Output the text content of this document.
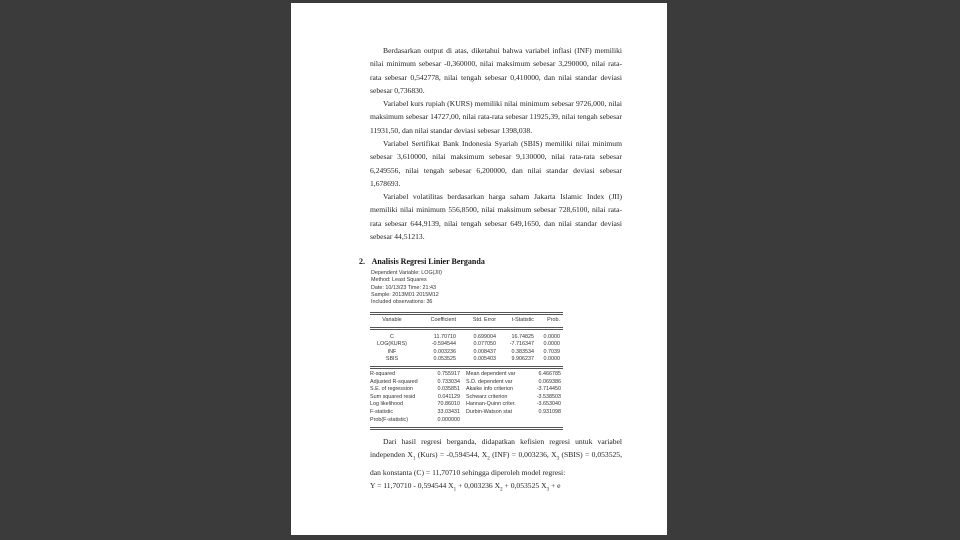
Berdasarkan output di atas, diketahui bahwa variabel inflasi (INF) memiliki nilai minimum sebesar -0,360000, nilai maksimum sebesar 3,290000, nilai rata-rata sebesar 0,542778, nilai tengah sebesar 0,410000, dan nilai standar deviasi sebesar 0,736830.

Variabel kurs rupiah (KURS) memiliki nilai minimum sebesar 9726,000, nilai maksimum sebesar 14727,00, nilai rata-rata sebesar 11925,39, nilai tengah sebesar 11931,50, dan nilai standar deviasi sebesar 1398,038.

Variabel Sertifikat Bank Indonesia Syariah (SBIS) memiliki nilai minimum sebesar 3,610000, nilai maksimum sebesar 9,130000, nilai rata-rata sebesar 6,249556, nilai tengah sebesar 6,200000, dan nilai standar deviasi sebesar 1,678693.

Variabel volatilitas berdasarkan harga saham Jakarta Islamic Index (JII) memiliki nilai minimum 556,8500, nilai maksimum sebesar 728,6100, nilai rata-rata sebesar 644,9139, nilai tengah sebesar 649,1650, dan nilai standar deviasi sebesar 44,51213.

2. Analisis Regresi Linier Berganda
Dependent Variable: LOG(JII)
Method: Least Squares
Date: 10/13/23 Time: 21:43
Sample: 2013M01 2015M12
Included observations: 36
Variable	Coefficient	Std. Error	t-Statistic	Prob.
C	11.70710	0.699004	16.74825	0.0000
LOG(KURS)	-0.594544	0.077050	-7.716347	0.0000
INF	0.003236	0.008437	0.383534	0.7039
SBIS	0.053525	0.005403	9.906237	0.0000
R-squared	0.755917	Mean dependent var	6.466785
Adjusted R-squared	0.733034	S.D. dependent var	0.069386
S.E. of regression	0.035851	Akaike info criterion	-3.714450
Sum squared resid	0.041129	Schwarz criterion	-3.538503
Log likelihood	70.86010	Hannan-Quinn criter.	-3.653040
F-statistic	33.03431	Durbin-Watson stat	0.931098
Prob(F-statistic)	0.000000

Dari hasil regresi berganda, didapatkan kefisien regresi untuk variabel independen $X_1$ (Kurs) = -0,594544, $X_2$ (INF) = 0,003236, $X_3$ (SBIS) = 0,053525, dan konstanta (C) = 11,70710 sehingga diperoleh model regresi:
Y = 11,70710 - 0,594544 $X_1 + 0,003236$ $X_2 + 0,053525$ $X_3 + e$
